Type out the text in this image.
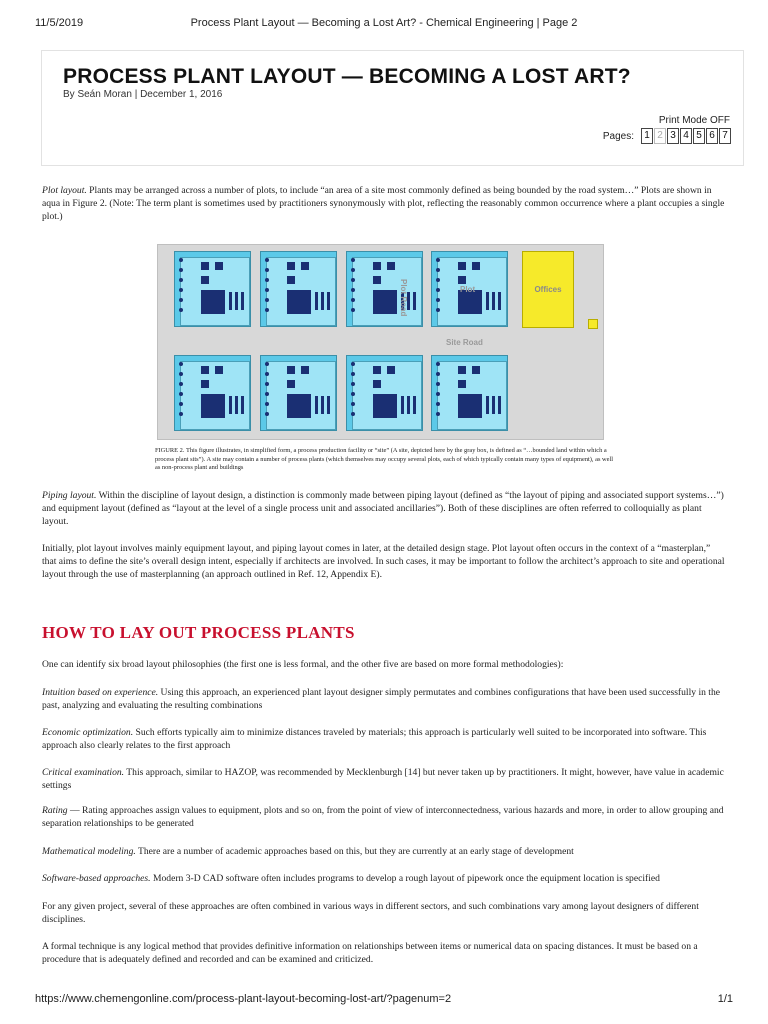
11/5/2019	Process Plant Layout — Becoming a Lost Art? - Chemical Engineering | Page 2
PROCESS PLANT LAYOUT — BECOMING A LOST ART?
By Seán Moran | December 1, 2016
Print Mode OFF
Pages:	1 2 3 4 5 6 7

Plot layout. Plants may be arranged across a number of plots, to include “an area of a site most commonly defined as being bounded by the road system…” Plots are shown in aqua in Figure 2. (Note: The term plant is sometimes used by practitioners synonymously with plot, reflecting the reasonably common occurrence where a plant occupies a single plot.)

Offices
Plot Road	Plot
Site Road

FIGURE 2. This figure illustrates, in simplified form, a process production facility or “site” (A site, depicted here by the gray box, is defined as “…bounded land within which a process plant sits”). A site may contain a number of process plants (which themselves may occupy several plots, each of which typically contain many types of equipment), as well as non-process plant and buildings

Piping layout. Within the discipline of layout design, a distinction is commonly made between piping layout (defined as “the layout of piping and associated support systems…”) and equipment layout (defined as “layout at the level of a single process unit and associated ancillaries”). Both of these disciplines are often referred to colloquially as plant layout.

Initially, plot layout involves mainly equipment layout, and piping layout comes in later, at the detailed design stage. Plot layout often occurs in the context of a “masterplan,” that aims to define the site’s overall design intent, especially if architects are involved. In such cases, it may be important to follow the architect’s approach to site and operational layout through the use of masterplanning (an approach outlined in Ref. 12, Appendix E).

HOW TO LAY OUT PROCESS PLANTS

One can identify six broad layout philosophies (the first one is less formal, and the other five are based on more formal methodologies):

Intuition based on experience. Using this approach, an experienced plant layout designer simply permutates and combines configurations that have been used successfully in the past, analyzing and evaluating the resulting combinations

Economic optimization. Such efforts typically aim to minimize distances traveled by materials; this approach is particularly well suited to be incorporated into software. This approach also clearly relates to the first approach

Critical examination. This approach, similar to HAZOP, was recommended by Mecklenburgh [14] but never taken up by practitioners. It might, however, have value in academic settings

Rating — Rating approaches assign values to equipment, plots and so on, from the point of view of interconnectedness, various hazards and more, in order to allow grouping and separation relationships to be generated

Mathematical modeling. There are a number of academic approaches based on this, but they are currently at an early stage of development

Software-based approaches. Modern 3-D CAD software often includes programs to develop a rough layout of pipework once the equipment location is specified

For any given project, several of these approaches are often combined in various ways in different sectors, and such combinations vary among layout designers of different disciplines.

A formal technique is any logical method that provides definitive information on relationships between items or numerical data on spacing distances. It must be based on a procedure that is adequately defined and recorded and can be examined and criticized.

https://www.chemengonline.com/process-plant-layout-becoming-lost-art/?pagenum=2	1/1
